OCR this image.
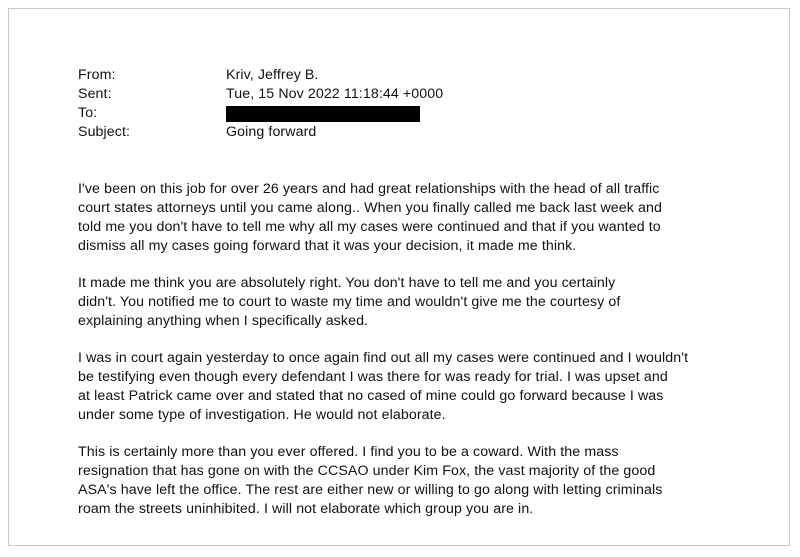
From:	Kriv, Jeffrey B.
Sent:	Tue, 15 Nov 2022 11:18:44 +0000
To:
Subject:	Going forward

I've been on this job for over 26 years and had great relationships with the head of all traffic
court states attorneys until you came along.. When you finally called me back last week and
told me you don't have to tell me why all my cases were continued and that if you wanted to
dismiss all my cases going forward that it was your decision, it made me think.

It made me think you are absolutely right. You don't have to tell me and you certainly
didn't. You notified me to court to waste my time and wouldn't give me the courtesy of
explaining anything when I specifically asked.

I was in court again yesterday to once again find out all my cases were continued and I wouldn't
be testifying even though every defendant I was there for was ready for trial. I was upset and
at least Patrick came over and stated that no cased of mine could go forward because I was
under some type of investigation. He would not elaborate.

This is certainly more than you ever offered. I find you to be a coward. With the mass
resignation that has gone on with the CCSAO under Kim Fox, the vast majority of the good
ASA's have left the office. The rest are either new or willing to go along with letting criminals
roam the streets uninhibited. I will not elaborate which group you are in.
